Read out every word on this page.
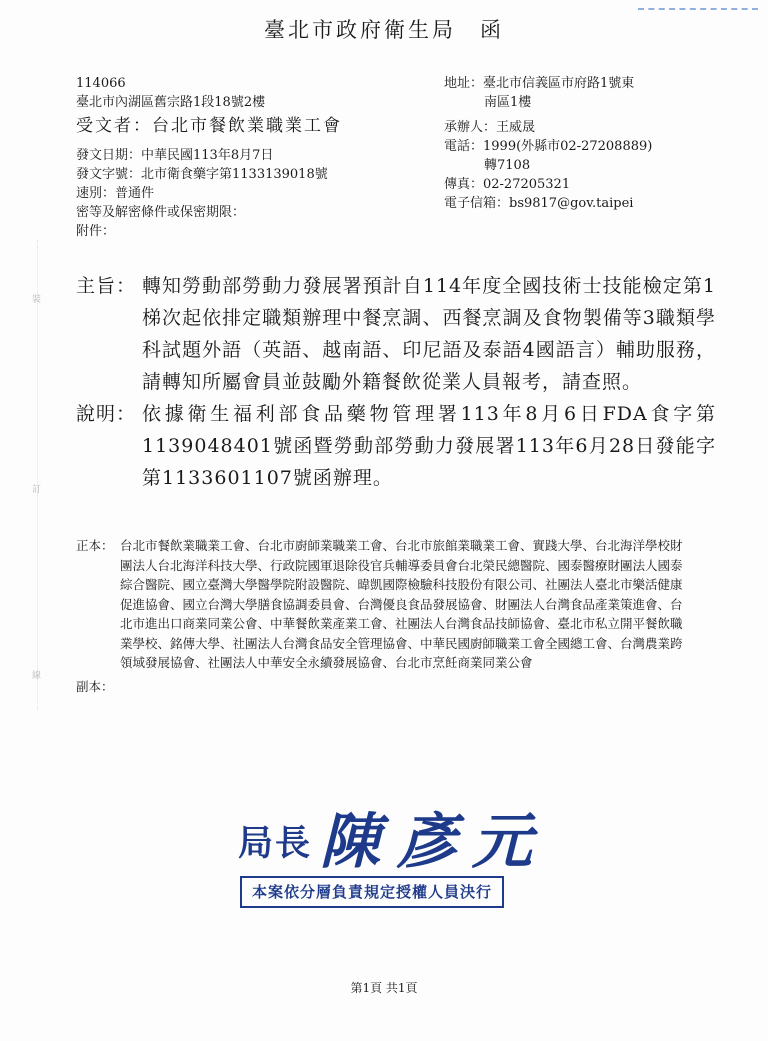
臺北市政府衛生局　函
裝
訂
線
114066
臺北市內湖區舊宗路1段18號2樓
受文者：台北市餐飲業職業工會
發文日期：中華民國113年8月7日
發文字號：北市衛食藥字第1133139018號
速別：普通件
密等及解密條件或保密期限：
附件：
地址：臺北市信義區市府路1號東
南區1樓
承辦人：王威晟
電話：1999(外縣市02-27208889)
轉7108
傳真：02-27205321
電子信箱：bs9817@gov.taipei
主旨： 轉知勞動部勞動力發展署預計自114年度全國技術士技能檢定第1梯次起依排定職類辦理中餐烹調、西餐烹調及食物製備等3職類學科試題外語（英語、越南語、印尼語及泰語4國語言）輔助服務，請轉知所屬會員並鼓勵外籍餐飲從業人員報考，請查照。
說明： 依據衛生福利部食品藥物管理署113年8月6日FDA食字第1139048401號函暨勞動部勞動力發展署113年6月28日發能字第1133601107號函辦理。
正本： 台北市餐飲業職業工會、台北市廚師業職業工會、台北市旅館業職業工會、實踐大學、台北海洋學校財團法人台北海洋科技大學、行政院國軍退除役官兵輔導委員會台北榮民總醫院、國泰醫療財團法人國泰綜合醫院、國立臺灣大學醫學院附設醫院、暐凱國際檢驗科技股份有限公司、社團法人臺北市樂活健康促進協會、國立台灣大學膳食協調委員會、台灣優良食品發展協會、財團法人台灣食品產業策進會、台北市進出口商業同業公會、中華餐飲業產業工會、社團法人台灣食品技師協會、臺北市私立開平餐飲職業學校、銘傳大學、社團法人台灣食品安全管理協會、中華民國廚師職業工會全國總工會、台灣農業跨領域發展協會、社團法人中華安全永續發展協會、台北市烹飪商業同業公會
副本：
局長 陳彥元
本案依分層負責規定授權人員決行
第1頁 共1頁
